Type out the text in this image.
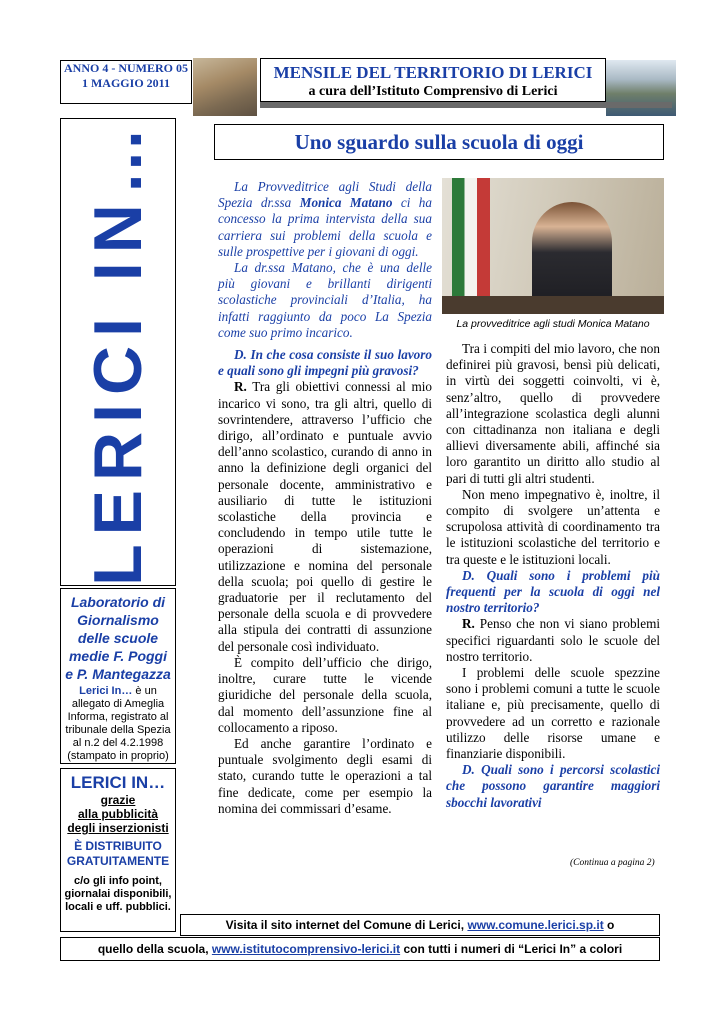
ANNO 4 - NUMERO 05
1 MAGGIO 2011
MENSILE DEL TERRITORIO DI LERICI
a cura dell’Istituto Comprensivo di Lerici
LERICI IN…
Laboratorio di
Giornalismo
delle scuole
medie F. Poggi
e P. Mantegazza
Lerici In… è un allegato di Ameglia Informa, registrato al tribunale della Spezia al n.2 del 4.2.1998 (stampato in proprio)
LERICI IN…
grazie
alla pubblicità
degli inserzionisti
È DISTRIBUITO
GRATUITAMENTE
c/o gli info point,
giornalai disponibili,
locali e uff. pubblici.
Uno sguardo sulla scuola di oggi
La provveditrice agli studi Monica Matano

La Provveditrice agli Studi della Spezia dr.ssa Monica Matano ci ha concesso la prima intervista della sua carriera sui problemi della scuola e sulle prospettive per i giovani di oggi.

La dr.ssa Matano, che è una delle più giovani e brillanti dirigenti scolastiche provinciali d’Italia, ha infatti raggiunto da poco La Spezia come suo primo incarico.

D. In che cosa consiste il suo lavoro e quali sono gli impegni più gravosi?

R. Tra gli obiettivi connessi al mio incarico vi sono, tra gli altri, quello di sovrintendere, attraverso l’ufficio che dirigo, all’ordinato e puntuale avvio dell’anno scolastico, curando di anno in anno la definizione degli organici del personale docente, amministrativo e ausiliario di tutte le istituzioni scolastiche della provincia e concludendo in tempo utile tutte le operazioni di sistemazione, utilizzazione e nomina del personale della scuola; poi quello di gestire le graduatorie per il reclutamento del personale della scuola e di provvedere alla stipula dei contratti di assunzione del personale così individuato.

È compito dell’ufficio che dirigo, inoltre, curare tutte le vicende giuridiche del personale della scuola, dal momento dell’assunzione fine al collocamento a riposo.

Ed anche garantire l’ordinato e puntuale svolgimento degli esami di stato, curando tutte le operazioni a tal fine dedicate, come per esempio la nomina dei commissari d’esame.

Tra i compiti del mio lavoro, che non definirei più gravosi, bensì più delicati, in virtù dei soggetti coinvolti, vi è, senz’altro, quello di provvedere all’integrazione scolastica degli alunni con cittadinanza non italiana e degli allievi diversamente abili, affinché sia loro garantito un diritto allo studio al pari di tutti gli altri studenti.

Non meno impegnativo è, inoltre, il compito di svolgere un’attenta e scrupolosa attività di coordinamento tra le istituzioni scolastiche del territorio e tra queste e le istituzioni locali.

D. Quali sono i problemi più frequenti per la scuola di oggi nel nostro territorio?

R. Penso che non vi siano problemi specifici riguardanti solo le scuole del nostro territorio.

I problemi delle scuole spezzine sono i problemi comuni a tutte le scuole italiane e, più precisamente, quello di provvedere ad un corretto e razionale utilizzo delle risorse umane e finanziarie disponibili.

D. Quali sono i percorsi scolastici che possono garantire maggiori sbocchi lavorativi

(Continua a pagina 2)
Visita il sito internet del Comune di Lerici, www.comune.lerici.sp.it o
quello della scuola, www.istitutocomprensivo-lerici.it con tutti i numeri di “Lerici In” a colori
